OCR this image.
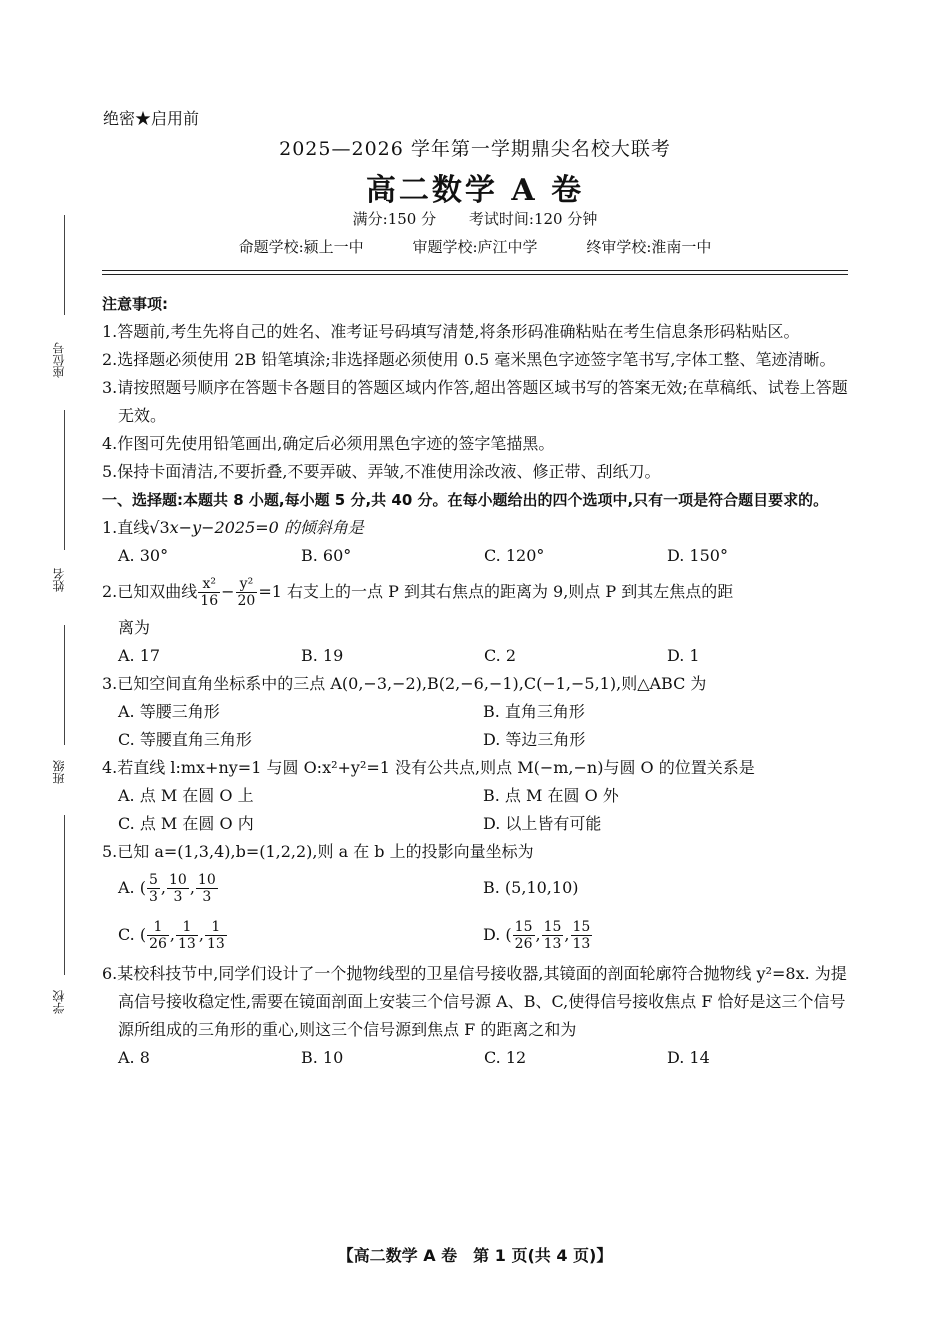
绝密★启用前
2025—2026 学年第一学期鼎尖名校大联考
高二数学 A 卷
满分:150 分 考试时间:120 分钟
命题学校:颍上一中	审题学校:庐江中学	终审学校:淮南一中
座位号
姓名
班级
学校
注意事项:
1.答题前,考生先将自己的姓名、准考证号码填写清楚,将条形码准确粘贴在考生信息条形码粘贴区。
2.选择题必须使用 2B 铅笔填涂;非选择题必须使用 0.5 毫米黑色字迹签字笔书写,字体工整、笔迹清晰。
3.请按照题号顺序在答题卡各题目的答题区域内作答,超出答题区域书写的答案无效;在草稿纸、试卷上答题无效。
4.作图可先使用铅笔画出,确定后必须用黑色字迹的签字笔描黑。
5.保持卡面清洁,不要折叠,不要弄破、弄皱,不准使用涂改液、修正带、刮纸刀。
一、选择题:本题共 8 小题,每小题 5 分,共 40 分。在每小题给出的四个选项中,只有一项是符合题目要求的。
1.直线√3x−y−2025=0 的倾斜角是
A. 30°	B. 60°	C. 120°	D. 150°
2.已知双曲线 $\frac{\text{x²}}{16} - \frac{\text{y²}}{20} =1$ 右支上的一点 P 到其右焦点的距离为 9,则点 P 到其左焦点的距
离为
A. 17	B. 19	C. 2	D. 1
3.已知空间直角坐标系中的三点 A(0,−3,−2),B(2,−6,−1),C(−1,−5,1),则△ABC 为
A. 等腰三角形	B. 直角三角形
C. 等腰直角三角形	D. 等边三角形
4.若直线 l:mx+ny=1 与圆 O:x²+y²=1 没有公共点,则点 M(−m,−n)与圆 O 的位置关系是
A. 点 M 在圆 O 上	B. 点 M 在圆 O 外
C. 点 M 在圆 O 内	D. 以上皆有可能
5.已知 a=(1,3,4),b=(1,2,2),则 a 在 b 上的投影向量坐标为
A. ( $\frac{5}{3}$ , $\frac{10}{3}$ , $\frac{10}{3}$	B. (5,10,10)
C. ( $\frac{1}{26}$ , $\frac{1}{13}$ , $\frac{1}{13}$	D. ( $\frac{15}{26}$ , $\frac{15}{13}$ , $\frac{15}{13}$
6.某校科技节中,同学们设计了一个抛物线型的卫星信号接收器,其镜面的剖面轮廓符合抛物线 y²=8x. 为提高信号接收稳定性,需要在镜面剖面上安装三个信号源 A、B、C,使得信号接收焦点 F 恰好是这三个信号源所组成的三角形的重心,则这三个信号源到焦点 F 的距离之和为
A. 8	B. 10	C. 12	D. 14
【高二数学 A 卷　第 1 页(共 4 页)】
